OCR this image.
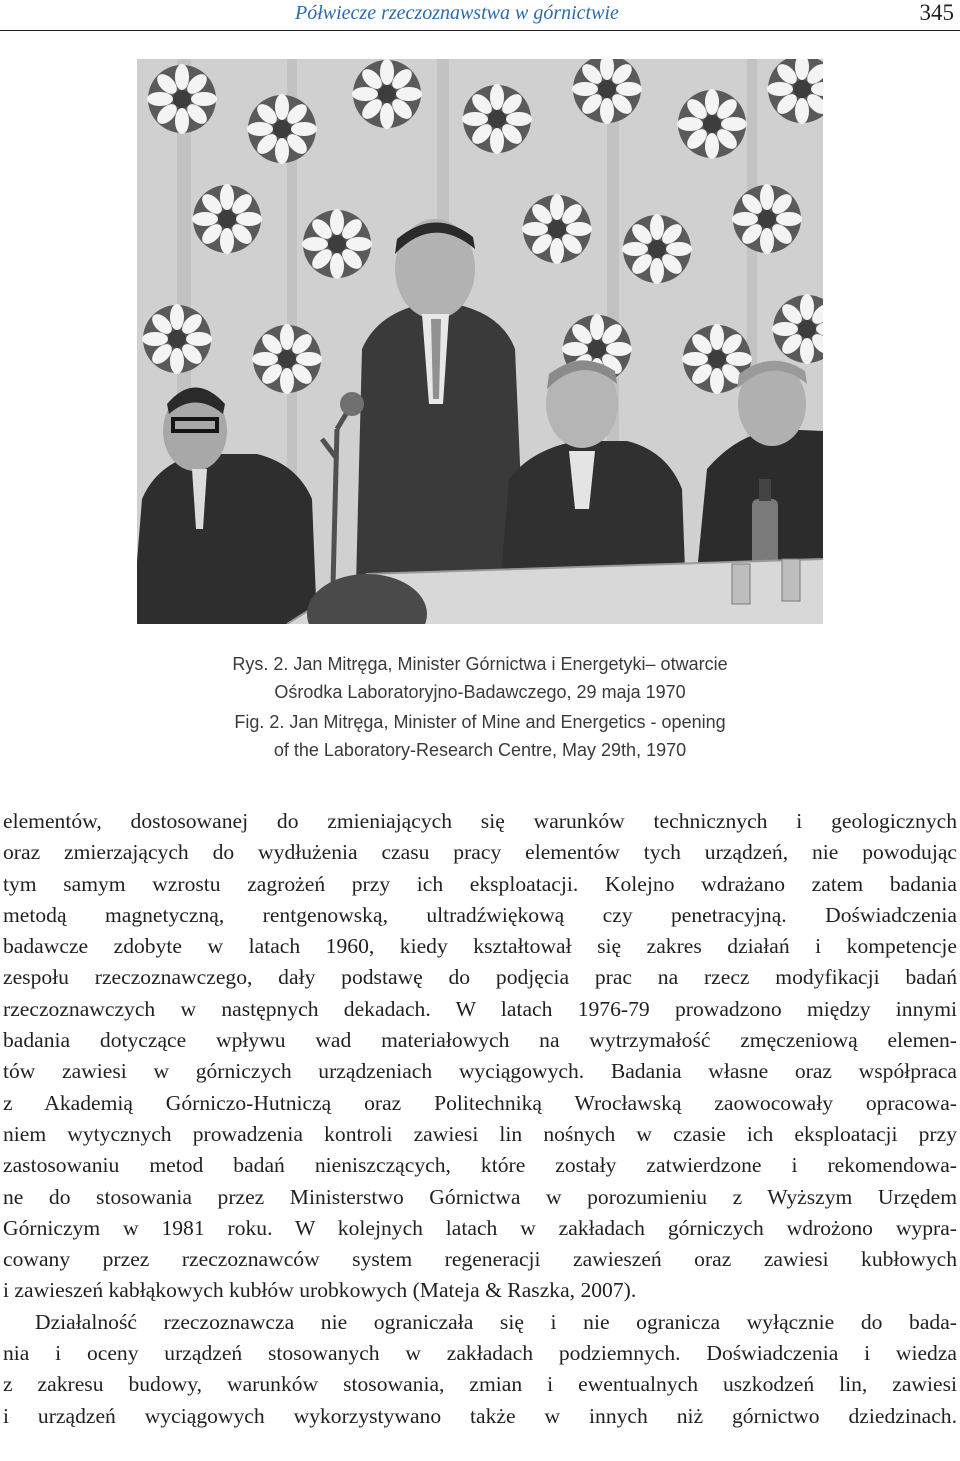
Półwiecze rzeczoznawstwa w górnictwie	345
Rys. 2. Jan Mitręga, Minister Górnictwa i Energetyki– otwarcie
Ośrodka Laboratoryjno-Badawczego, 29 maja 1970
Fig. 2. Jan Mitręga, Minister of Mine and Energetics - opening
of the Laboratory-Research Centre, May 29th, 1970
elementów, dostosowanej do zmieniających się warunków technicznych i geologicznych
oraz zmierzających do wydłużenia czasu pracy elementów tych urządzeń, nie powodując
tym samym wzrostu zagrożeń przy ich eksploatacji. Kolejno wdrażano zatem badania
metodą magnetyczną, rentgenowską, ultradźwiękową czy penetracyjną. Doświadczenia
badawcze zdobyte w latach 1960, kiedy kształtował się zakres działań i kompetencje
zespołu rzeczoznawczego, dały podstawę do podjęcia prac na rzecz modyfikacji badań
rzeczoznawczych w następnych dekadach. W latach 1976-79 prowadzono między innymi
badania dotyczące wpływu wad materiałowych na wytrzymałość zmęczeniową elemen-
tów zawiesi w górniczych urządzeniach wyciągowych. Badania własne oraz współpraca
z Akademią Górniczo-Hutniczą oraz Politechniką Wrocławską zaowocowały opracowa-
niem wytycznych prowadzenia kontroli zawiesi lin nośnych w czasie ich eksploatacji przy
zastosowaniu metod badań nieniszczących, które zostały zatwierdzone i rekomendowa-
ne do stosowania przez Ministerstwo Górnictwa w porozumieniu z Wyższym Urzędem
Górniczym w 1981 roku. W kolejnych latach w zakładach górniczych wdrożono wypra-
cowany przez rzeczoznawców system regeneracji zawieszeń oraz zawiesi kubłowych
i zawieszeń kabłąkowych kubłów urobkowych (Mateja & Raszka, 2007).
Działalność rzeczoznawcza nie ograniczała się i nie ogranicza wyłącznie do bada-
nia i oceny urządzeń stosowanych w zakładach podziemnych. Doświadczenia i wiedza
z zakresu budowy, warunków stosowania, zmian i ewentualnych uszkodzeń lin, zawiesi
i urządzeń wyciągowych wykorzystywano także w innych niż górnictwo dziedzinach.
